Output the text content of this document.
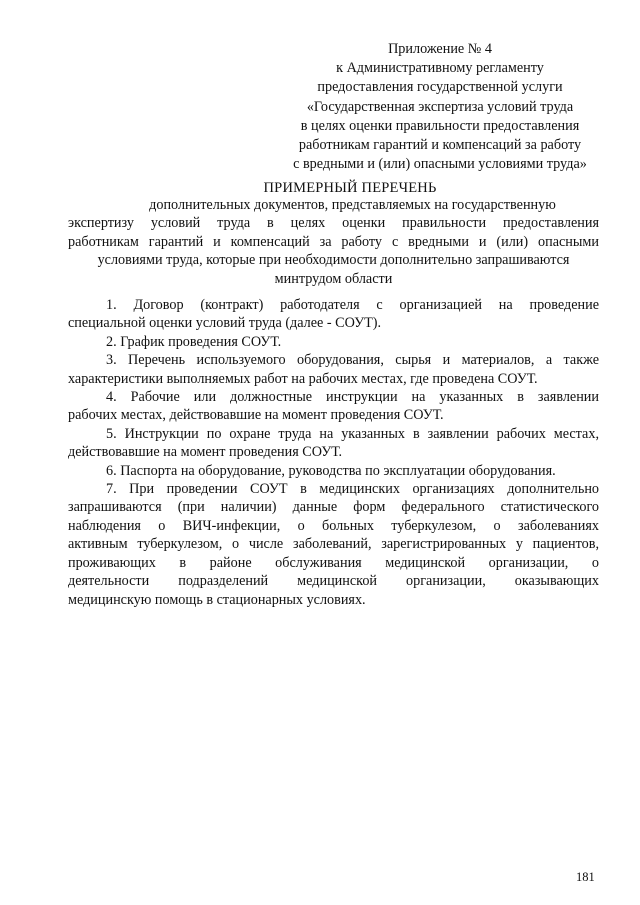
Приложение № 4
к Административному регламенту
предоставления государственной услуги
«Государственная экспертиза условий труда
в целях оценки правильности предоставления
работникам гарантий и компенсаций за работу
с вредными и (или) опасными условиями труда»
ПРИМЕРНЫЙ ПЕРЕЧЕНЬ
дополнительных документов, представляемых на государственную
экспертизу условий труда в целях оценки правильности предоставления
работникам гарантий и компенсаций за работу с вредными и (или) опасными
условиями труда, которые при необходимости дополнительно запрашиваются
минтрудом области
1. Договор (контракт) работодателя с организацией на проведение
специальной оценки условий труда (далее - СОУТ).
2. График проведения СОУТ.
3. Перечень используемого оборудования, сырья и материалов, а также
характеристики выполняемых работ на рабочих местах, где проведена СОУТ.
4. Рабочие или должностные инструкции на указанных в заявлении
рабочих местах, действовавшие на момент проведения СОУТ.
5. Инструкции по охране труда на указанных в заявлении рабочих местах,
действовавшие на момент проведения СОУТ.
6. Паспорта на оборудование, руководства по эксплуатации оборудования.
7. При проведении СОУТ в медицинских организациях дополнительно
запрашиваются (при наличии) данные форм федерального статистического
наблюдения о ВИЧ-инфекции, о больных туберкулезом, о заболеваниях
активным туберкулезом, о числе заболеваний, зарегистрированных у пациентов,
проживающих в районе обслуживания медицинской организации, о
деятельности подразделений медицинской организации, оказывающих
медицинскую помощь в стационарных условиях.
181
